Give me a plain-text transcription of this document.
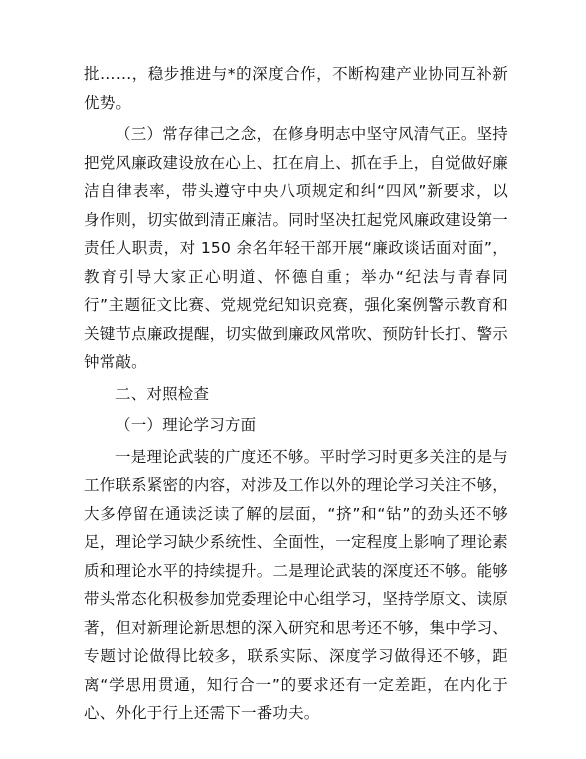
批……，稳步推进与*的深度合作，不断构建产业协同互补新优势。

（三）常存律己之念，在修身明志中坚守风清气正。坚持把党风廉政建设放在心上、扛在肩上、抓在手上，自觉做好廉洁自律表率，带头遵守中央八项规定和纠“四风”新要求，以身作则，切实做到清正廉洁。同时坚决扛起党风廉政建设第一责任人职责，对 150 余名年轻干部开展“廉政谈话面对面”，教育引导大家正心明道、怀德自重；举办“纪法与青春同行”主题征文比赛、党规党纪知识竞赛，强化案例警示教育和关键节点廉政提醒，切实做到廉政风常吹、预防针长打、警示钟常敲。

二、对照检查

（一）理论学习方面

一是理论武装的广度还不够。平时学习时更多关注的是与工作联系紧密的内容，对涉及工作以外的理论学习关注不够，大多停留在通读泛读了解的层面，“挤”和“钻”的劲头还不够足，理论学习缺少系统性、全面性，一定程度上影响了理论素质和理论水平的持续提升。二是理论武装的深度还不够。能够带头常态化积极参加党委理论中心组学习，坚持学原文、读原著，但对新理论新思想的深入研究和思考还不够，集中学习、专题讨论做得比较多，联系实际、深度学习做得还不够，距离“学思用贯通，知行合一”的要求还有一定差距，在内化于心、外化于行上还需下一番功夫。
